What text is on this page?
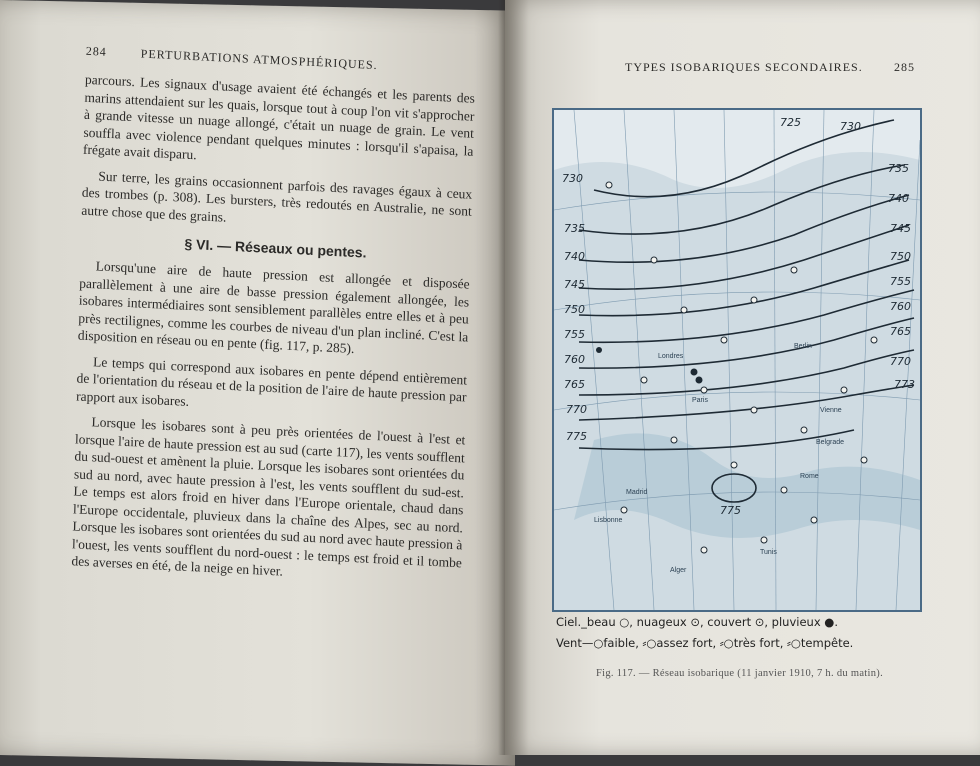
284	PERTURBATIONS ATMOSPHÉRIQUES.

parcours. Les signaux d'usage avaient été échangés et les parents des marins attendaient sur les quais, lorsque tout à coup l'on vit s'approcher à grande vitesse un nuage allongé, c'était un nuage de grain. Le vent souffla avec violence pendant quelques minutes : lorsqu'il s'apaisa, la frégate avait disparu.

Sur terre, les grains occasionnent parfois des ravages égaux à ceux des trombes (p. 308). Les bursters, très redoutés en Australie, ne sont autre chose que des grains.

§ VI. — Réseaux ou pentes.

Lorsqu'une aire de haute pression est allongée et disposée parallèlement à une aire de basse pression également allongée, les isobares intermédiaires sont sensiblement parallèles entre elles et à peu près rectilignes, comme les courbes de niveau d'un plan incliné. C'est la disposition en réseau ou en pente (fig. 117, p. 285).

Le temps qui correspond aux isobares en pente dépend entièrement de l'orientation du réseau et de la position de l'aire de haute pression par rapport aux isobares.

Lorsque les isobares sont à peu près orientées de l'ouest à l'est et lorsque l'aire de haute pression est au sud (carte 117), les vents soufflent du sud-ouest et amènent la pluie. Lorsque les isobares sont orientées du sud au nord, avec haute pression à l'est, les vents soufflent du sud-est. Le temps est alors froid en hiver dans l'Europe orientale, chaud dans l'Europe occidentale, pluvieux dans la chaîne des Alpes, sec au nord. Lorsque les isobares sont orientées du sud au nord avec haute pression à l'ouest, les vents soufflent du nord-ouest : le temps est froid et il tombe des averses en été, de la neige en hiver.

TYPES ISOBARIQUES SECONDAIRES.	285
730
735
740
745
750
755
760
765
770
775
735
740
745
750
755
760
765
770
773
725	730
775
Londres
Paris
Berlin
Vienne
Belgrade
Rome
Lisbonne
Madrid
Alger
Tunis
Ciel._beau ○, nuageux ⊙, couvert ⊙, pluvieux ●.
Vent—○faible, ⸗○assez fort, ⸗○très fort, ⸗○tempête.
Fig. 117. — Réseau isobarique (11 janvier 1910, 7 h. du matin).
